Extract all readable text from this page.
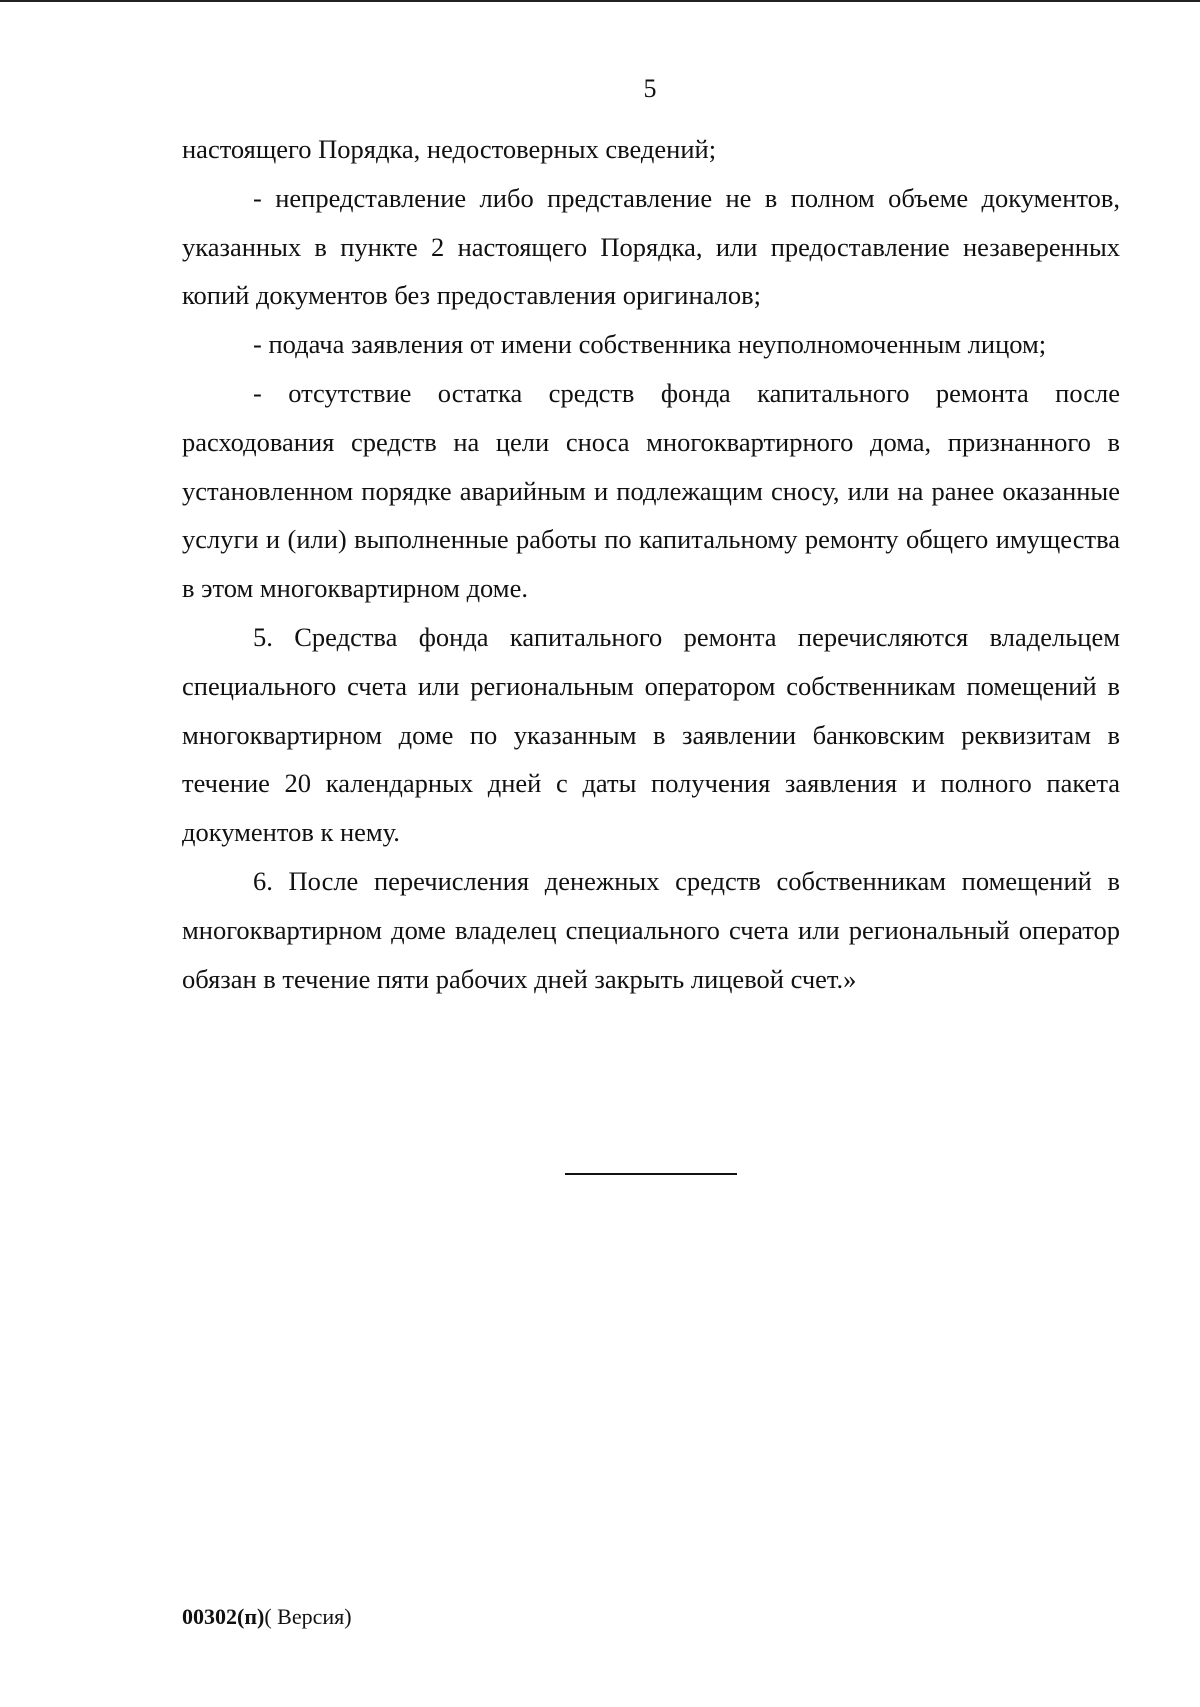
5

настоящего Порядка, недостоверных сведений;

- непредставление либо представление не в полном объеме документов, указанных в пункте 2 настоящего Порядка, или предоставление незаверенных копий документов без предоставления оригиналов;

- подача заявления от имени собственника неуполномоченным лицом;

- отсутствие остатка средств фонда капитального ремонта после расходования средств на цели сноса многоквартирного дома, признанного в установленном порядке аварийным и подлежащим сносу, или на ранее оказанные услуги и (или) выполненные работы по капитальному ремонту общего имущества в этом многоквартирном доме.

5. Средства фонда капитального ремонта перечисляются владельцем специального счета или региональным оператором собственникам помещений в многоквартирном доме по указанным в заявлении банковским реквизитам в течение 20 календарных дней с даты получения заявления и полного пакета документов к нему.

6. После перечисления денежных средств собственникам помещений в многоквартирном доме владелец специального счета или региональный оператор обязан в течение пяти рабочих дней закрыть лицевой счет.»

00302(п)( Версия)
